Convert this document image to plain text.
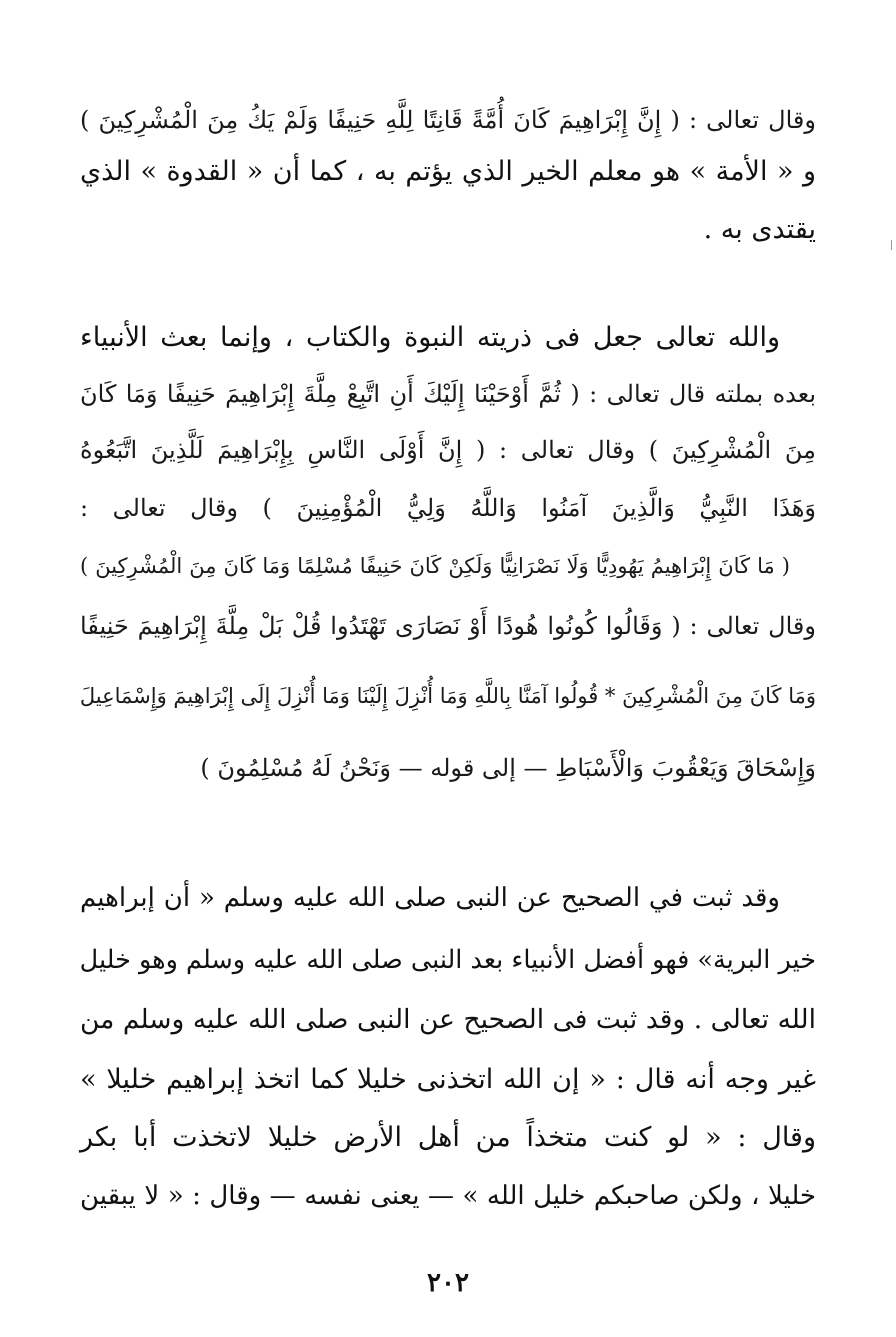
وقال تعالى : ( إِنَّ إِبْرَاهِيمَ كَانَ أُمَّةً قَانِتًا لِلَّهِ حَنِيفًا وَلَمْ يَكُ مِنَ الْمُشْرِكِينَ )
و « الأمة » هو معلم الخير الذي يؤتم به ، كما أن « القدوة » الذي
يقتدى به .
والله تعالى جعل فى ذريته النبوة والكتاب ، وإنما بعث الأنبياء
بعده بملته قال تعالى : ( ثُمَّ أَوْحَيْنَا إِلَيْكَ أَنِ اتَّبِعْ مِلَّةَ إِبْرَاهِيمَ حَنِيفًا وَمَا كَانَ
مِنَ الْمُشْرِكِينَ ) وقال تعالى : ( إِنَّ أَوْلَى النَّاسِ بِإِبْرَاهِيمَ لَلَّذِينَ اتَّبَعُوهُ
وَهَذَا النَّبِيُّ وَالَّذِينَ آمَنُوا وَاللَّهُ وَلِيُّ الْمُؤْمِنِينَ ) وقال تعالى :
( مَا كَانَ إِبْرَاهِيمُ يَهُودِيًّا وَلَا نَصْرَانِيًّا وَلَكِنْ كَانَ حَنِيفًا مُسْلِمًا وَمَا كَانَ مِنَ الْمُشْرِكِينَ )
وقال تعالى : ( وَقَالُوا كُونُوا هُودًا أَوْ نَصَارَى تَهْتَدُوا قُلْ بَلْ مِلَّةَ إِبْرَاهِيمَ حَنِيفًا
وَمَا كَانَ مِنَ الْمُشْرِكِينَ * قُولُوا آمَنَّا بِاللَّهِ وَمَا أُنْزِلَ إِلَيْنَا وَمَا أُنْزِلَ إِلَى إِبْرَاهِيمَ وَإِسْمَاعِيلَ
وَإِسْحَاقَ وَيَعْقُوبَ وَالْأَسْبَاطِ — إلى قوله — وَنَحْنُ لَهُ مُسْلِمُونَ )
وقد ثبت في الصحيح عن النبى صلى الله عليه وسلم « أن إبراهيم
خير البرية» فهو أفضل الأنبياء بعد النبى صلى الله عليه وسلم وهو خليل
الله تعالى . وقد ثبت فى الصحيح عن النبى صلى الله عليه وسلم من
غير وجه أنه قال : « إن الله اتخذنى خليلا كما اتخذ إبراهيم خليلا »
وقال : « لو كنت متخذاً من أهل الأرض خليلا لاتخذت أبا بكر
خليلا ، ولكن صاحبكم خليل الله » — يعنى نفسه — وقال : « لا يبقين
٢٠٢
